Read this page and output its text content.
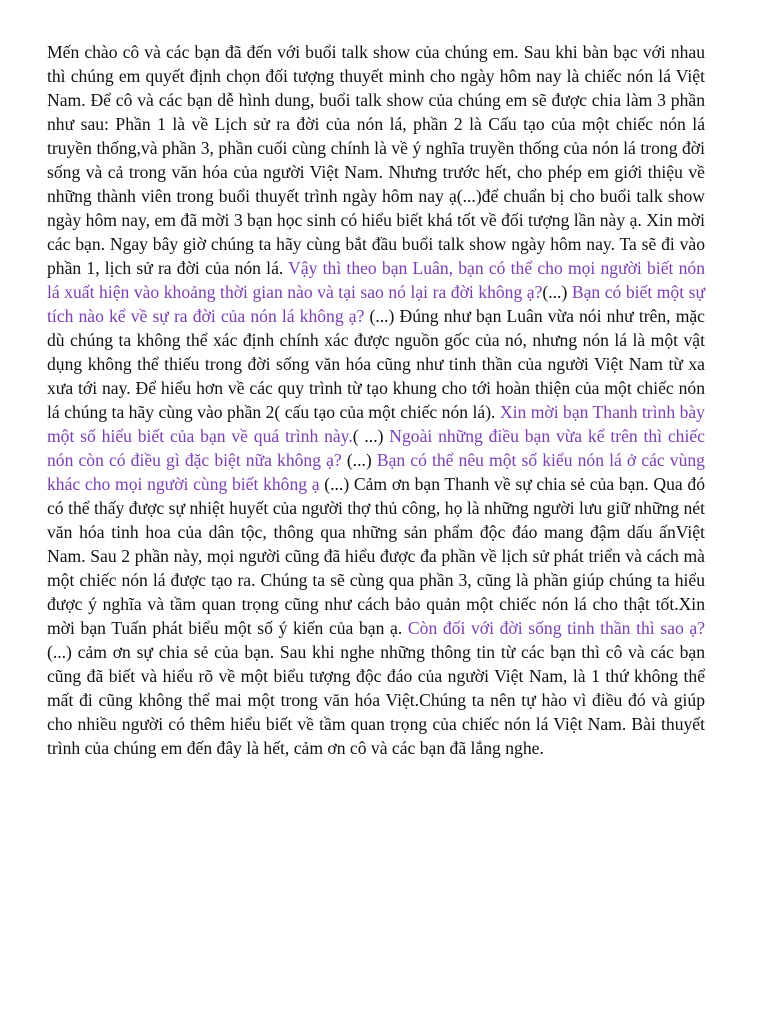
Mến chào cô và các bạn đã đến với buổi talk show của chúng em. Sau khi bàn bạc với nhau thì chúng em quyết định chọn đối tượng thuyết minh cho ngày hôm nay là chiếc nón lá Việt Nam. Để cô và các bạn dễ hình dung, buổi talk show của chúng em sẽ được chia làm 3 phần như sau: Phần 1 là về Lịch sử ra đời của nón lá, phần 2 là Cấu tạo của một chiếc nón lá truyền thống,và phần 3, phần cuối cùng chính là về ý nghĩa truyền thống của nón lá trong đời sống và cả trong văn hóa của người Việt Nam. Nhưng trước hết, cho phép em giới thiệu về những thành viên trong buổi thuyết trình ngày hôm nay ạ(...)để chuẩn bị cho buổi talk show ngày hôm nay, em đã mời 3 bạn học sinh có hiểu biết khá tốt về đối tượng lần này ạ. Xin mời các bạn. Ngay bây giờ chúng ta hãy cùng bắt đầu buổi talk show ngày hôm nay. Ta sẽ đi vào phần 1, lịch sử ra đời của nón lá. Vậy thì theo bạn Luân, bạn có thể cho mọi người biết nón lá xuất hiện vào khoảng thời gian nào và tại sao nó lại ra đời không ạ?(...) Bạn có biết một sự tích nào kể về sự ra đời của nón lá không ạ? (...) Đúng như bạn Luân vừa nói như trên, mặc dù chúng ta không thể xác định chính xác được nguồn gốc của nó, nhưng nón lá là một vật dụng không thể thiếu trong đời sống văn hóa cũng như tinh thần của người Việt Nam từ xa xưa tới nay. Để hiểu hơn về các quy trình từ tạo khung cho tới hoàn thiện của một chiếc nón lá chúng ta hãy cùng vào phần 2( cấu tạo của một chiếc nón lá). Xin mời bạn Thanh trình bày một số hiểu biết của bạn về quá trình này.( ...) Ngoài những điều bạn vừa kể trên thì chiếc nón còn có điều gì đặc biệt nữa không ạ? (...) Bạn có thể nêu một số kiểu nón lá ở các vùng khác cho mọi người cùng biết không ạ (...) Cảm ơn bạn Thanh về sự chia sẻ của bạn. Qua đó có thể thấy được sự nhiệt huyết của người thợ thủ công, họ là những người lưu giữ những nét văn hóa tinh hoa của dân tộc, thông qua những sản phẩm độc đáo mang đậm dấu ấnViệt Nam. Sau 2 phần này, mọi người cũng đã hiểu được đa phần về lịch sử phát triển và cách mà một chiếc nón lá được tạo ra. Chúng ta sẽ cùng qua phần 3, cũng là phần giúp chúng ta hiểu được ý nghĩa và tầm quan trọng cũng như cách bảo quản một chiếc nón lá cho thật tốt.Xin mời bạn Tuấn phát biểu một số ý kiến của bạn ạ. Còn đối với đời sống tinh thần thì sao ạ? (...) cảm ơn sự chia sẻ của bạn. Sau khi nghe những thông tin từ các bạn thì cô và các bạn cũng đã biết và hiểu rõ về một biểu tượng độc đáo của người Việt Nam, là 1 thứ không thể mất đi cũng không thể mai một trong văn hóa Việt.Chúng ta nên tự hào vì điều đó và giúp cho nhiều người có thêm hiểu biết về tầm quan trọng của chiếc nón lá Việt Nam. Bài thuyết trình của chúng em đến đây là hết, cảm ơn cô và các bạn đã lắng nghe.
